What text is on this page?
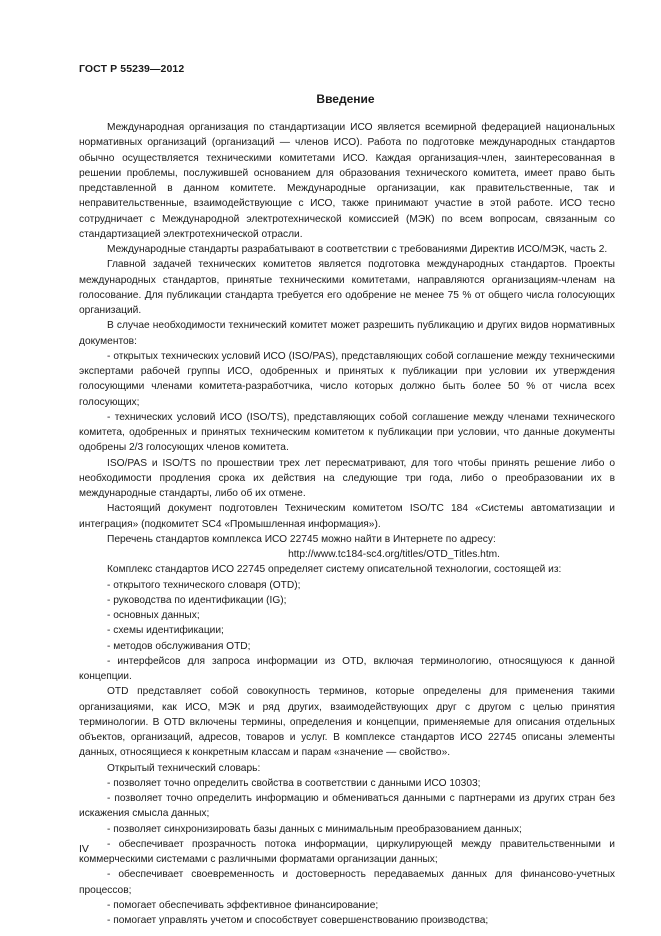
ГОСТ Р 55239—2012
Введение

Международная организация по стандартизации ИСО является всемирной федерацией национальных нормативных организаций (организаций — членов ИСО). Работа по подготовке международных стандартов обычно осуществляется техническими комитетами ИСО. Каждая организация-член, заинтересованная в решении проблемы, послужившей основанием для образования технического комитета, имеет право быть представленной в данном комитете. Международные организации, как правительственные, так и неправительственные, взаимодействующие с ИСО, также принимают участие в этой работе. ИСО тесно сотрудничает с Международной электротехнической комиссией (МЭК) по всем вопросам, связанным со стандартизацией электротехнической отрасли.

Международные стандарты разрабатывают в соответствии с требованиями Директив ИСО/МЭК, часть 2.

Главной задачей технических комитетов является подготовка международных стандартов. Проекты международных стандартов, принятые техническими комитетами, направляются организациям-членам на голосование. Для публикации стандарта требуется его одобрение не менее 75 % от общего числа голосующих организаций.

В случае необходимости технический комитет может разрешить публикацию и других видов нормативных документов:

- открытых технических условий ИСО (ISO/PAS), представляющих собой соглашение между техническими экспертами рабочей группы ИСО, одобренных и принятых к публикации при условии их утверждения голосующими членами комитета-разработчика, число которых должно быть более 50 % от числа всех голосующих;

- технических условий ИСО (ISO/TS), представляющих собой соглашение между членами технического комитета, одобренных и принятых техническим комитетом к публикации при условии, что данные документы одобрены 2/3 голосующих членов комитета.

ISO/PAS и ISO/TS по прошествии трех лет пересматривают, для того чтобы принять решение либо о необходимости продления срока их действия на следующие три года, либо о преобразовании их в международные стандарты, либо об их отмене.

Настоящий документ подготовлен Техническим комитетом ISO/TC 184 «Системы автоматизации и интеграция» (подкомитет SC4 «Промышленная информация»).

Перечень стандартов комплекса ИСО 22745 можно найти в Интернете по адресу:

http://www.tc184-sc4.org/titles/OTD_Titles.htm.

Комплекс стандартов ИСО 22745 определяет систему описательной технологии, состоящей из:

- открытого технического словаря (OTD);

- руководства по идентификации (IG);

- основных данных;

- схемы идентификации;

- методов обслуживания OTD;

- интерфейсов для запроса информации из OTD, включая терминологию, относящуюся к данной концепции.

OTD представляет собой совокупность терминов, которые определены для применения такими организациями, как ИСО, МЭК и ряд других, взаимодействующих друг с другом с целью принятия терминологии. В OTD включены термины, определения и концепции, применяемые для описания отдельных объектов, организаций, адресов, товаров и услуг. В комплексе стандартов ИСО 22745 описаны элементы данных, относящиеся к конкретным классам и парам «значение — свойство».

Открытый технический словарь:

- позволяет точно определить свойства в соответствии с данными ИСО 10303;

- позволяет точно определить информацию и обмениваться данными с партнерами из других стран без искажения смысла данных;

- позволяет синхронизировать базы данных с минимальным преобразованием данных;

- обеспечивает прозрачность потока информации, циркулирующей между правительственными и коммерческими системами с различными форматами организации данных;

- обеспечивает своевременность и достоверность передаваемых данных для финансово-учетных процессов;

- помогает обеспечивать эффективное финансирование;

- помогает управлять учетом и способствует совершенствованию производства;

IV
